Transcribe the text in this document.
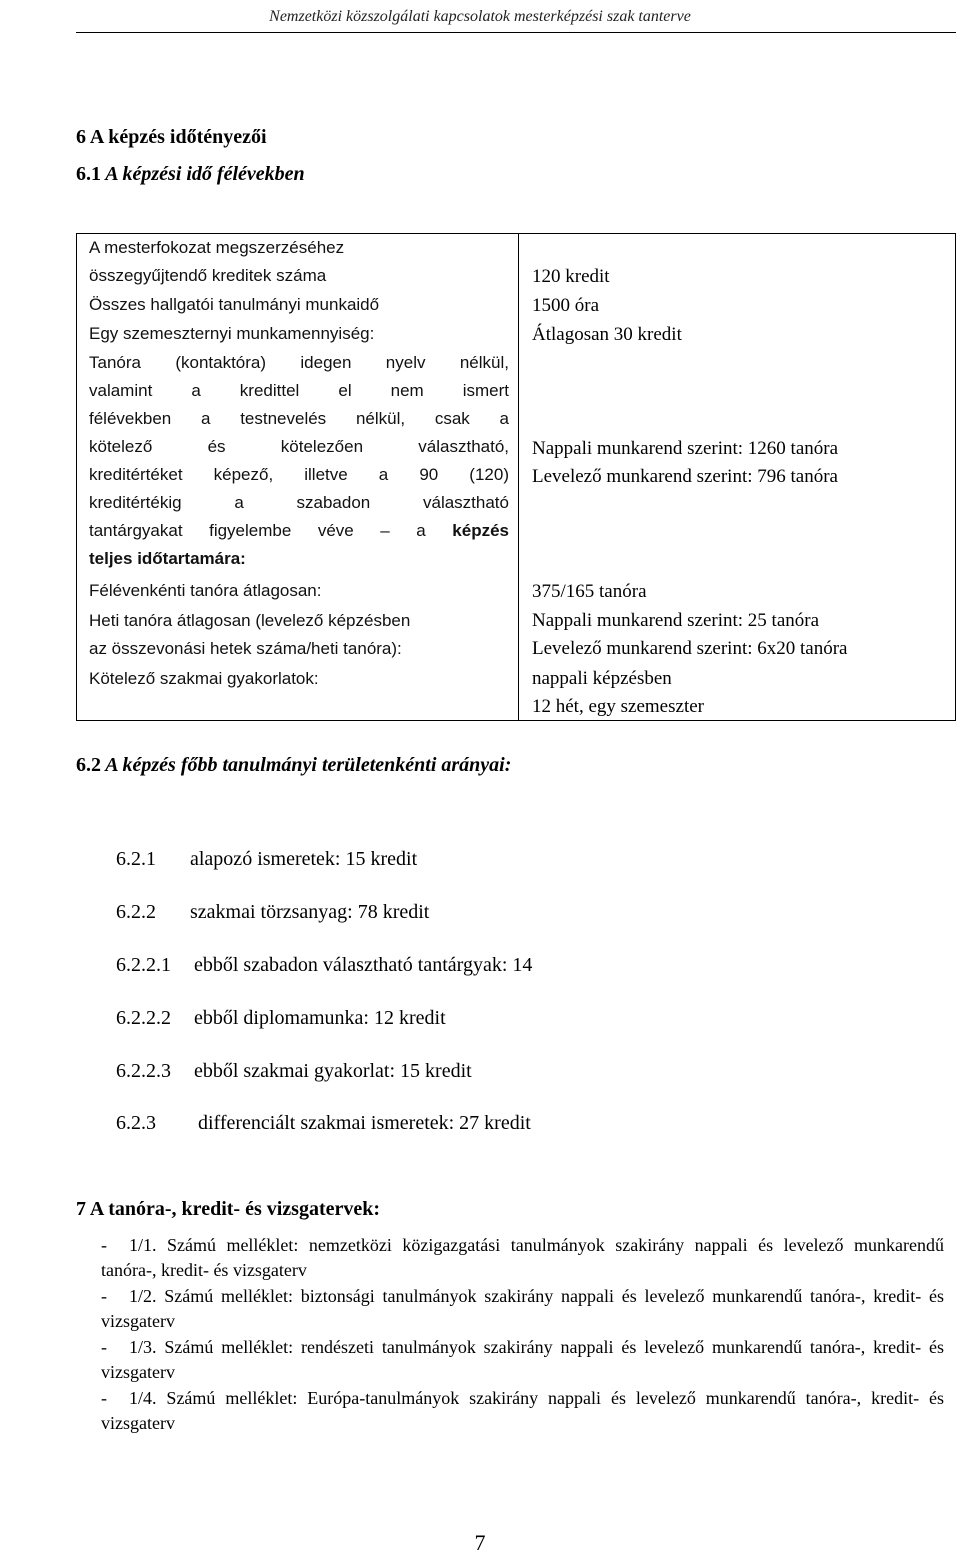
Nemzetközi közszolgálati kapcsolatok mesterképzési szak tanterve
6 A képzés időtényezői
6.1 A képzési idő félévekben
A mesterfokozat megszerzéséhez
összegyűjtendő kreditek száma
Összes hallgatói tanulmányi munkaidő
Egy szemeszternyi munkamennyiség:
Tanóra (kontaktóra) idegen nyelv nélkül,
valamint a kredittel el nem ismert
félévekben a testnevelés nélkül, csak a
kötelező és kötelezően választható,
kreditértéket képező, illetve a 90 (120)
kreditértékig a szabadon választható
tantárgyakat figyelembe véve – a képzés
teljes időtartamára:
Félévenkénti tanóra átlagosan:
Heti tanóra átlagosan (levelező képzésben
az összevonási hetek száma/heti tanóra):
Kötelező szakmai gyakorlatok:
120 kredit
1500 óra
Átlagosan 30 kredit
Nappali munkarend szerint: 1260 tanóra
Levelező munkarend szerint: 796 tanóra
375/165 tanóra
Nappali munkarend szerint: 25 tanóra
Levelező munkarend szerint: 6x20 tanóra
nappali képzésben
12 hét, egy szemeszter
6.2 A képzés főbb tanulmányi területenkénti arányai:
6.2.1 alapozó ismeretek: 15 kredit
6.2.2 szakmai törzsanyag: 78 kredit
6.2.2.1 ebből szabadon választható tantárgyak: 14
6.2.2.2 ebből diplomamunka: 12 kredit
6.2.2.3 ebből szakmai gyakorlat: 15 kredit
6.2.3 differenciált szakmai ismeretek: 27 kredit
7 A tanóra-, kredit- és vizsgatervek:
- 1/1. Számú melléklet: nemzetközi közigazgatási tanulmányok szakirány nappali és levelező munkarendű tanóra-, kredit- és vizsgaterv
- 1/2. Számú melléklet: biztonsági tanulmányok szakirány nappali és levelező munkarendű tanóra-, kredit- és vizsgaterv
- 1/3. Számú melléklet: rendészeti tanulmányok szakirány nappali és levelező munkarendű tanóra-, kredit- és vizsgaterv
- 1/4. Számú melléklet: Európa-tanulmányok szakirány nappali és levelező munkarendű tanóra-, kredit- és vizsgaterv
7
